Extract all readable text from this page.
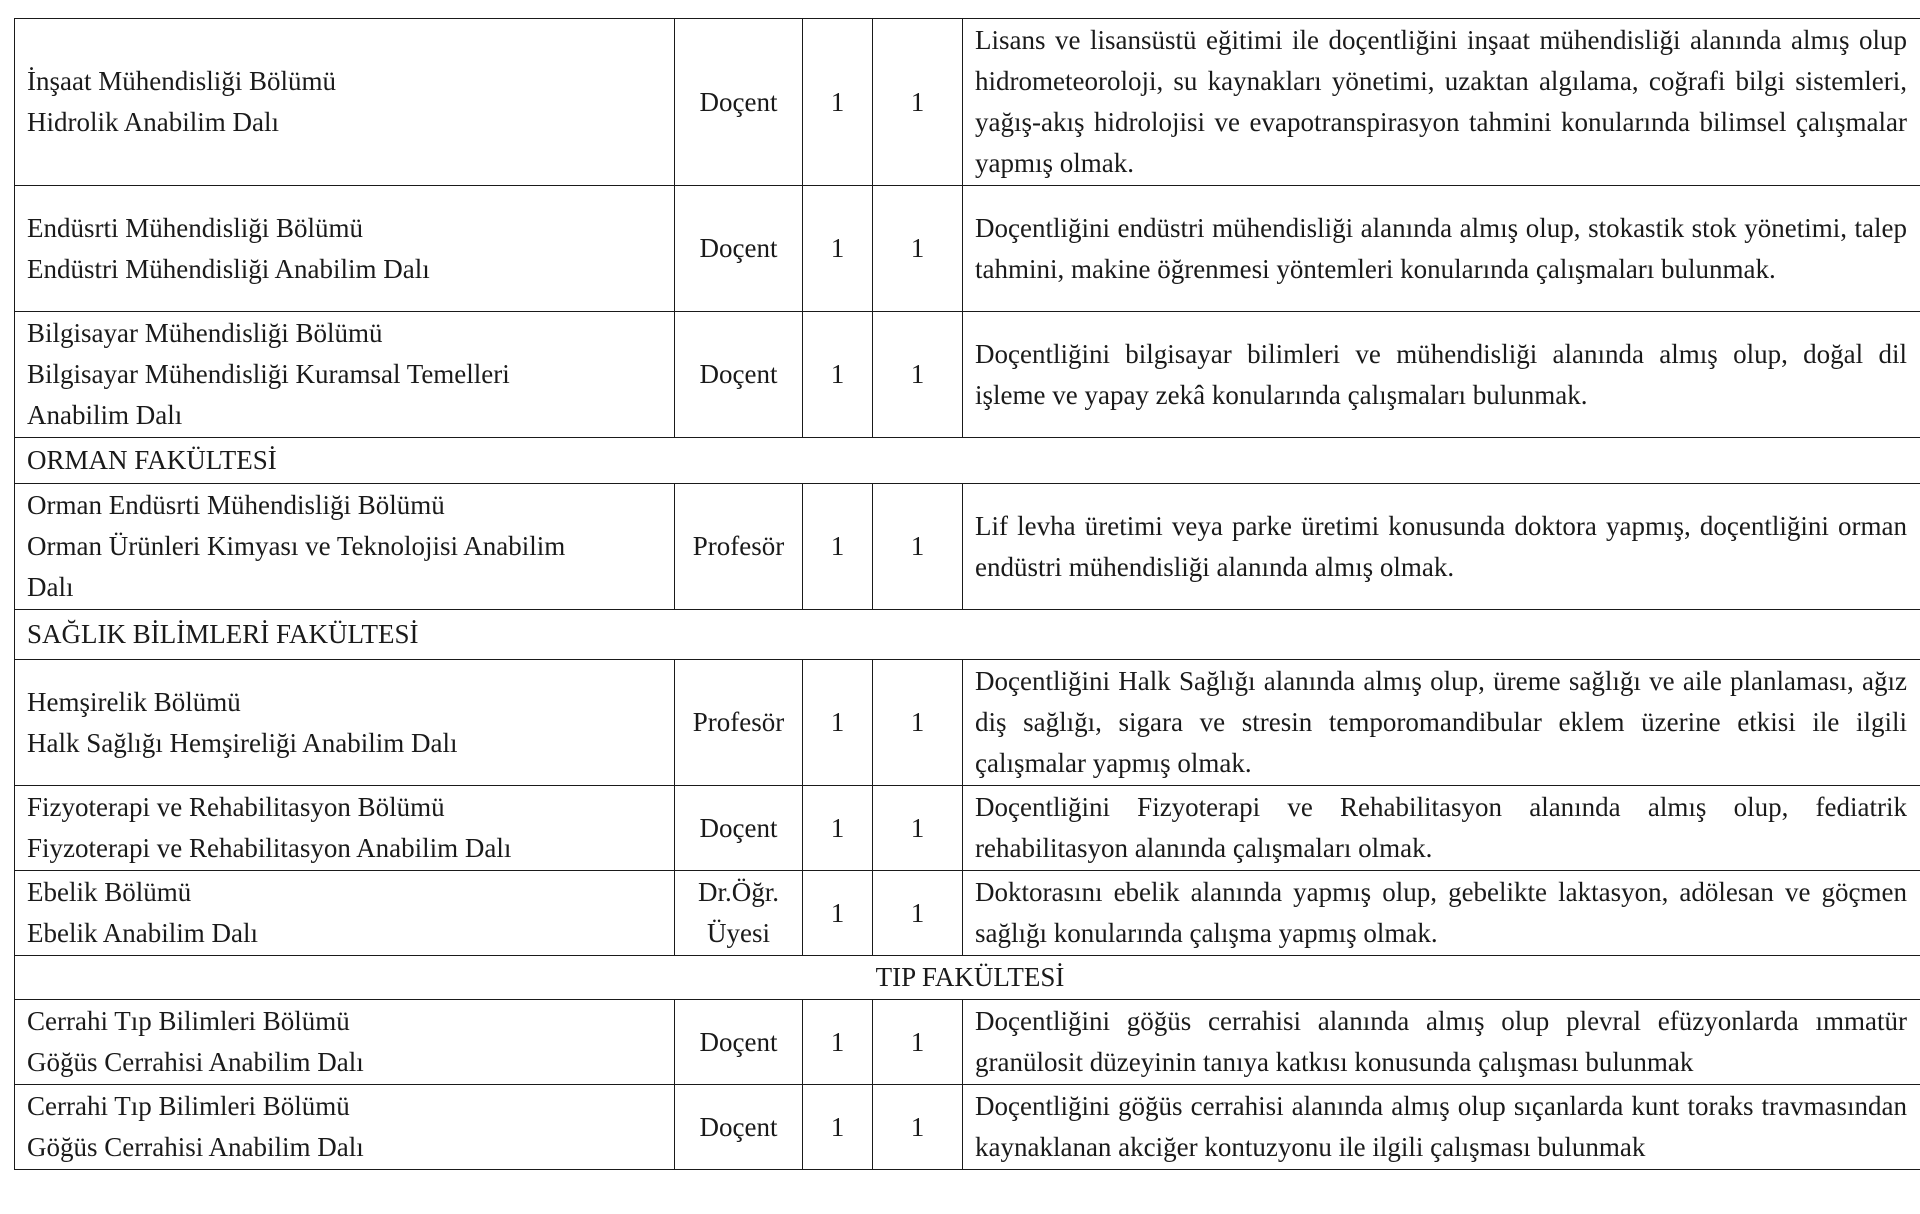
İnşaat Mühendisliği Bölümü
Hidrolik Anabilim Dalı	Doçent	1	1	Lisans ve lisansüstü eğitimi ile doçentliğini inşaat mühendisliği alanında almış olup hidrometeoroloji, su kaynakları yönetimi, uzaktan algılama, coğrafi bilgi sistemleri, yağış-akış hidrolojisi ve evapotranspirasyon tahmini konularında bilimsel çalışmalar yapmış olmak.

Endüsrti Mühendisliği Bölümü
Endüstri Mühendisliği Anabilim Dalı	Doçent	1	1	Doçentliğini endüstri mühendisliği alanında almış olup, stokastik stok yönetimi, talep tahmini, makine öğrenmesi yöntemleri konularında çalışmaları bulunmak.

Bilgisayar Mühendisliği Bölümü
Bilgisayar Mühendisliği Kuramsal Temelleri
Anabilim Dalı	Doçent	1	1	Doçentliğini bilgisayar bilimleri ve mühendisliği alanında almış olup, doğal dil işleme ve yapay zekâ konularında çalışmaları bulunmak.
ORMAN FAKÜLTESİ				

Orman Endüsrti Mühendisliği Bölümü
Orman Ürünleri Kimyası ve Teknolojisi Anabilim
Dalı	Profesör	1	1	Lif levha üretimi veya parke üretimi konusunda doktora yapmış, doçentliğini orman endüstri mühendisliği alanında almış olmak.
SAĞLIK BİLİMLERİ FAKÜLTESİ				

Hemşirelik Bölümü
Halk Sağlığı Hemşireliği Anabilim Dalı	Profesör	1	1	Doçentliğini Halk Sağlığı alanında almış olup, üreme sağlığı ve aile planlaması, ağız diş sağlığı, sigara ve stresin temporomandibular eklem üzerine etkisi ile ilgili çalışmalar yapmış olmak.

Fizyoterapi ve Rehabilitasyon Bölümü
Fiyzoterapi ve Rehabilitasyon Anabilim Dalı	Doçent	1	1	Doçentliğini Fizyoterapi ve Rehabilitasyon alanında almış olup, fediatrik rehabilitasyon alanında çalışmaları olmak.

Ebelik Bölümü
Ebelik Anabilim Dalı	Dr.Öğr. Üyesi	1	1	Doktorasını ebelik alanında yapmış olup, gebelikte laktasyon, adölesan ve göçmen sağlığı konularında çalışma yapmış olmak.
TIP FAKÜLTESİ				

Cerrahi Tıp Bilimleri Bölümü
Göğüs Cerrahisi Anabilim Dalı	Doçent	1	1	Doçentliğini göğüs cerrahisi alanında almış olup plevral efüzyonlarda ımmatür granülosit düzeyinin tanıya katkısı konusunda çalışması bulunmak

Cerrahi Tıp Bilimleri Bölümü
Göğüs Cerrahisi Anabilim Dalı	Doçent	1	1	Doçentliğini göğüs cerrahisi alanında almış olup sıçanlarda kunt toraks travmasından kaynaklanan akciğer kontuzyonu ile ilgili çalışması bulunmak
